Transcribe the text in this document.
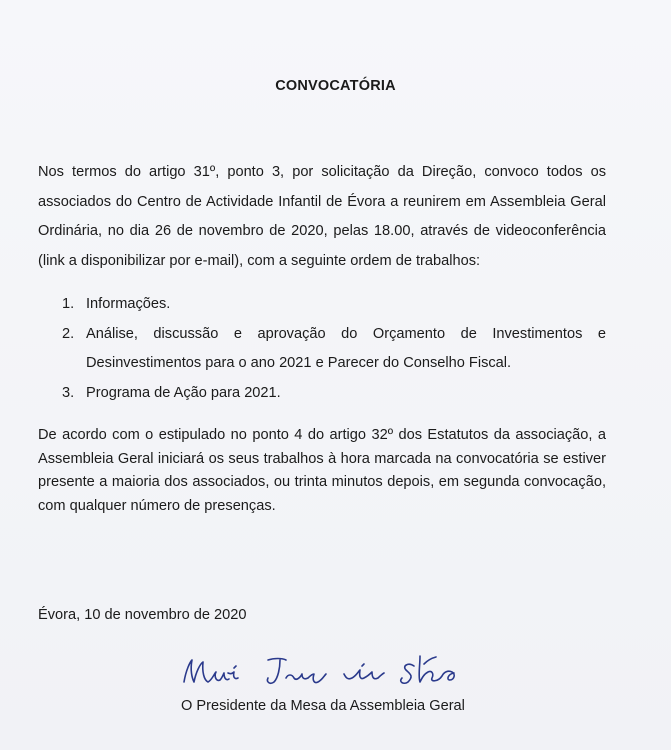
CONVOCATÓRIA
Nos termos do artigo 31º, ponto 3, por solicitação da Direção, convoco todos os associados do Centro de Actividade Infantil de Évora a reunirem em Assembleia Geral Ordinária, no dia 26 de novembro de 2020, pelas 18.00, através de videoconferência (link a disponibilizar por e-mail), com a seguinte ordem de trabalhos:
1. Informações.
2. Análise, discussão e aprovação do Orçamento de Investimentos e Desinvestimentos para o ano 2021 e Parecer do Conselho Fiscal.
3. Programa de Ação para 2021.
De acordo com o estipulado no ponto 4 do artigo 32º dos Estatutos da associação, a Assembleia Geral iniciará os seus trabalhos à hora marcada na convocatória se estiver presente a maioria dos associados, ou trinta minutos depois, em segunda convocação, com qualquer número de presenças.
Évora, 10 de novembro de 2020
O Presidente da Mesa da Assembleia Geral
